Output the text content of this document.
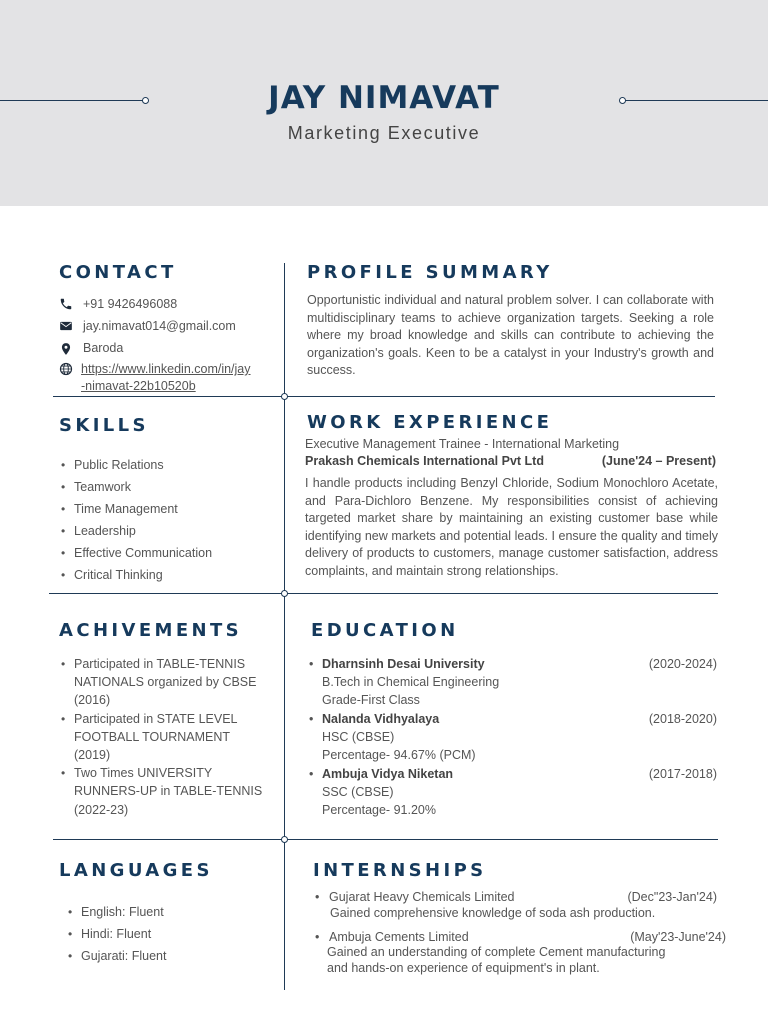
JAY NIMAVAT
Marketing Executive
CONTACT
+91 9426496088
jay.nimavat014@gmail.com
Baroda
https://www.linkedin.com/in/jay
-nimavat-22b10520b
SKILLS
• Public Relations
• Teamwork
• Time Management
• Leadership
• Effective Communication
• Critical Thinking
ACHIVEMENTS
• Participated in TABLE-TENNIS
NATIONALS organized by CBSE
(2016)
• Participated in STATE LEVEL
FOOTBALL TOURNAMENT
(2019)
• Two Times UNIVERSITY
RUNNERS-UP in TABLE-TENNIS
(2022-23)
LANGUAGES
• English: Fluent
• Hindi: Fluent
• Gujarati: Fluent
PROFILE SUMMARY
Opportunistic individual and natural problem solver. I can collaborate with multidisciplinary teams to achieve organization targets. Seeking a role where my broad knowledge and skills can contribute to achieving the organization's goals. Keen to be a catalyst in your Industry's growth and success.
WORK EXPERIENCE
Executive Management Trainee - International Marketing
Prakash Chemicals International Pvt Ltd	(June'24 – Present)
I handle products including Benzyl Chloride, Sodium Monochloro Acetate, and Para-Dichloro Benzene. My responsibilities consist of achieving targeted market share by maintaining an existing customer base while identifying new markets and potential leads. I ensure the quality and timely delivery of products to customers, manage customer satisfaction, address complaints, and maintain strong relationships.
EDUCATION
• Dharnsinh Desai University	(2020-2024)
B.Tech in Chemical Engineering
Grade-First Class
• Nalanda Vidhyalaya	(2018-2020)
HSC (CBSE)
Percentage- 94.67% (PCM)
• Ambuja Vidya Niketan	(2017-2018)
SSC (CBSE)
Percentage- 91.20%
INTERNSHIPS
• Gujarat Heavy Chemicals Limited	(Dec"23-Jan'24)
Gained comprehensive knowledge of soda ash production.
• Ambuja Cements Limited	(May'23-June'24)
Gained an understanding of complete Cement manufacturing
and hands-on experience of equipment's in plant.
